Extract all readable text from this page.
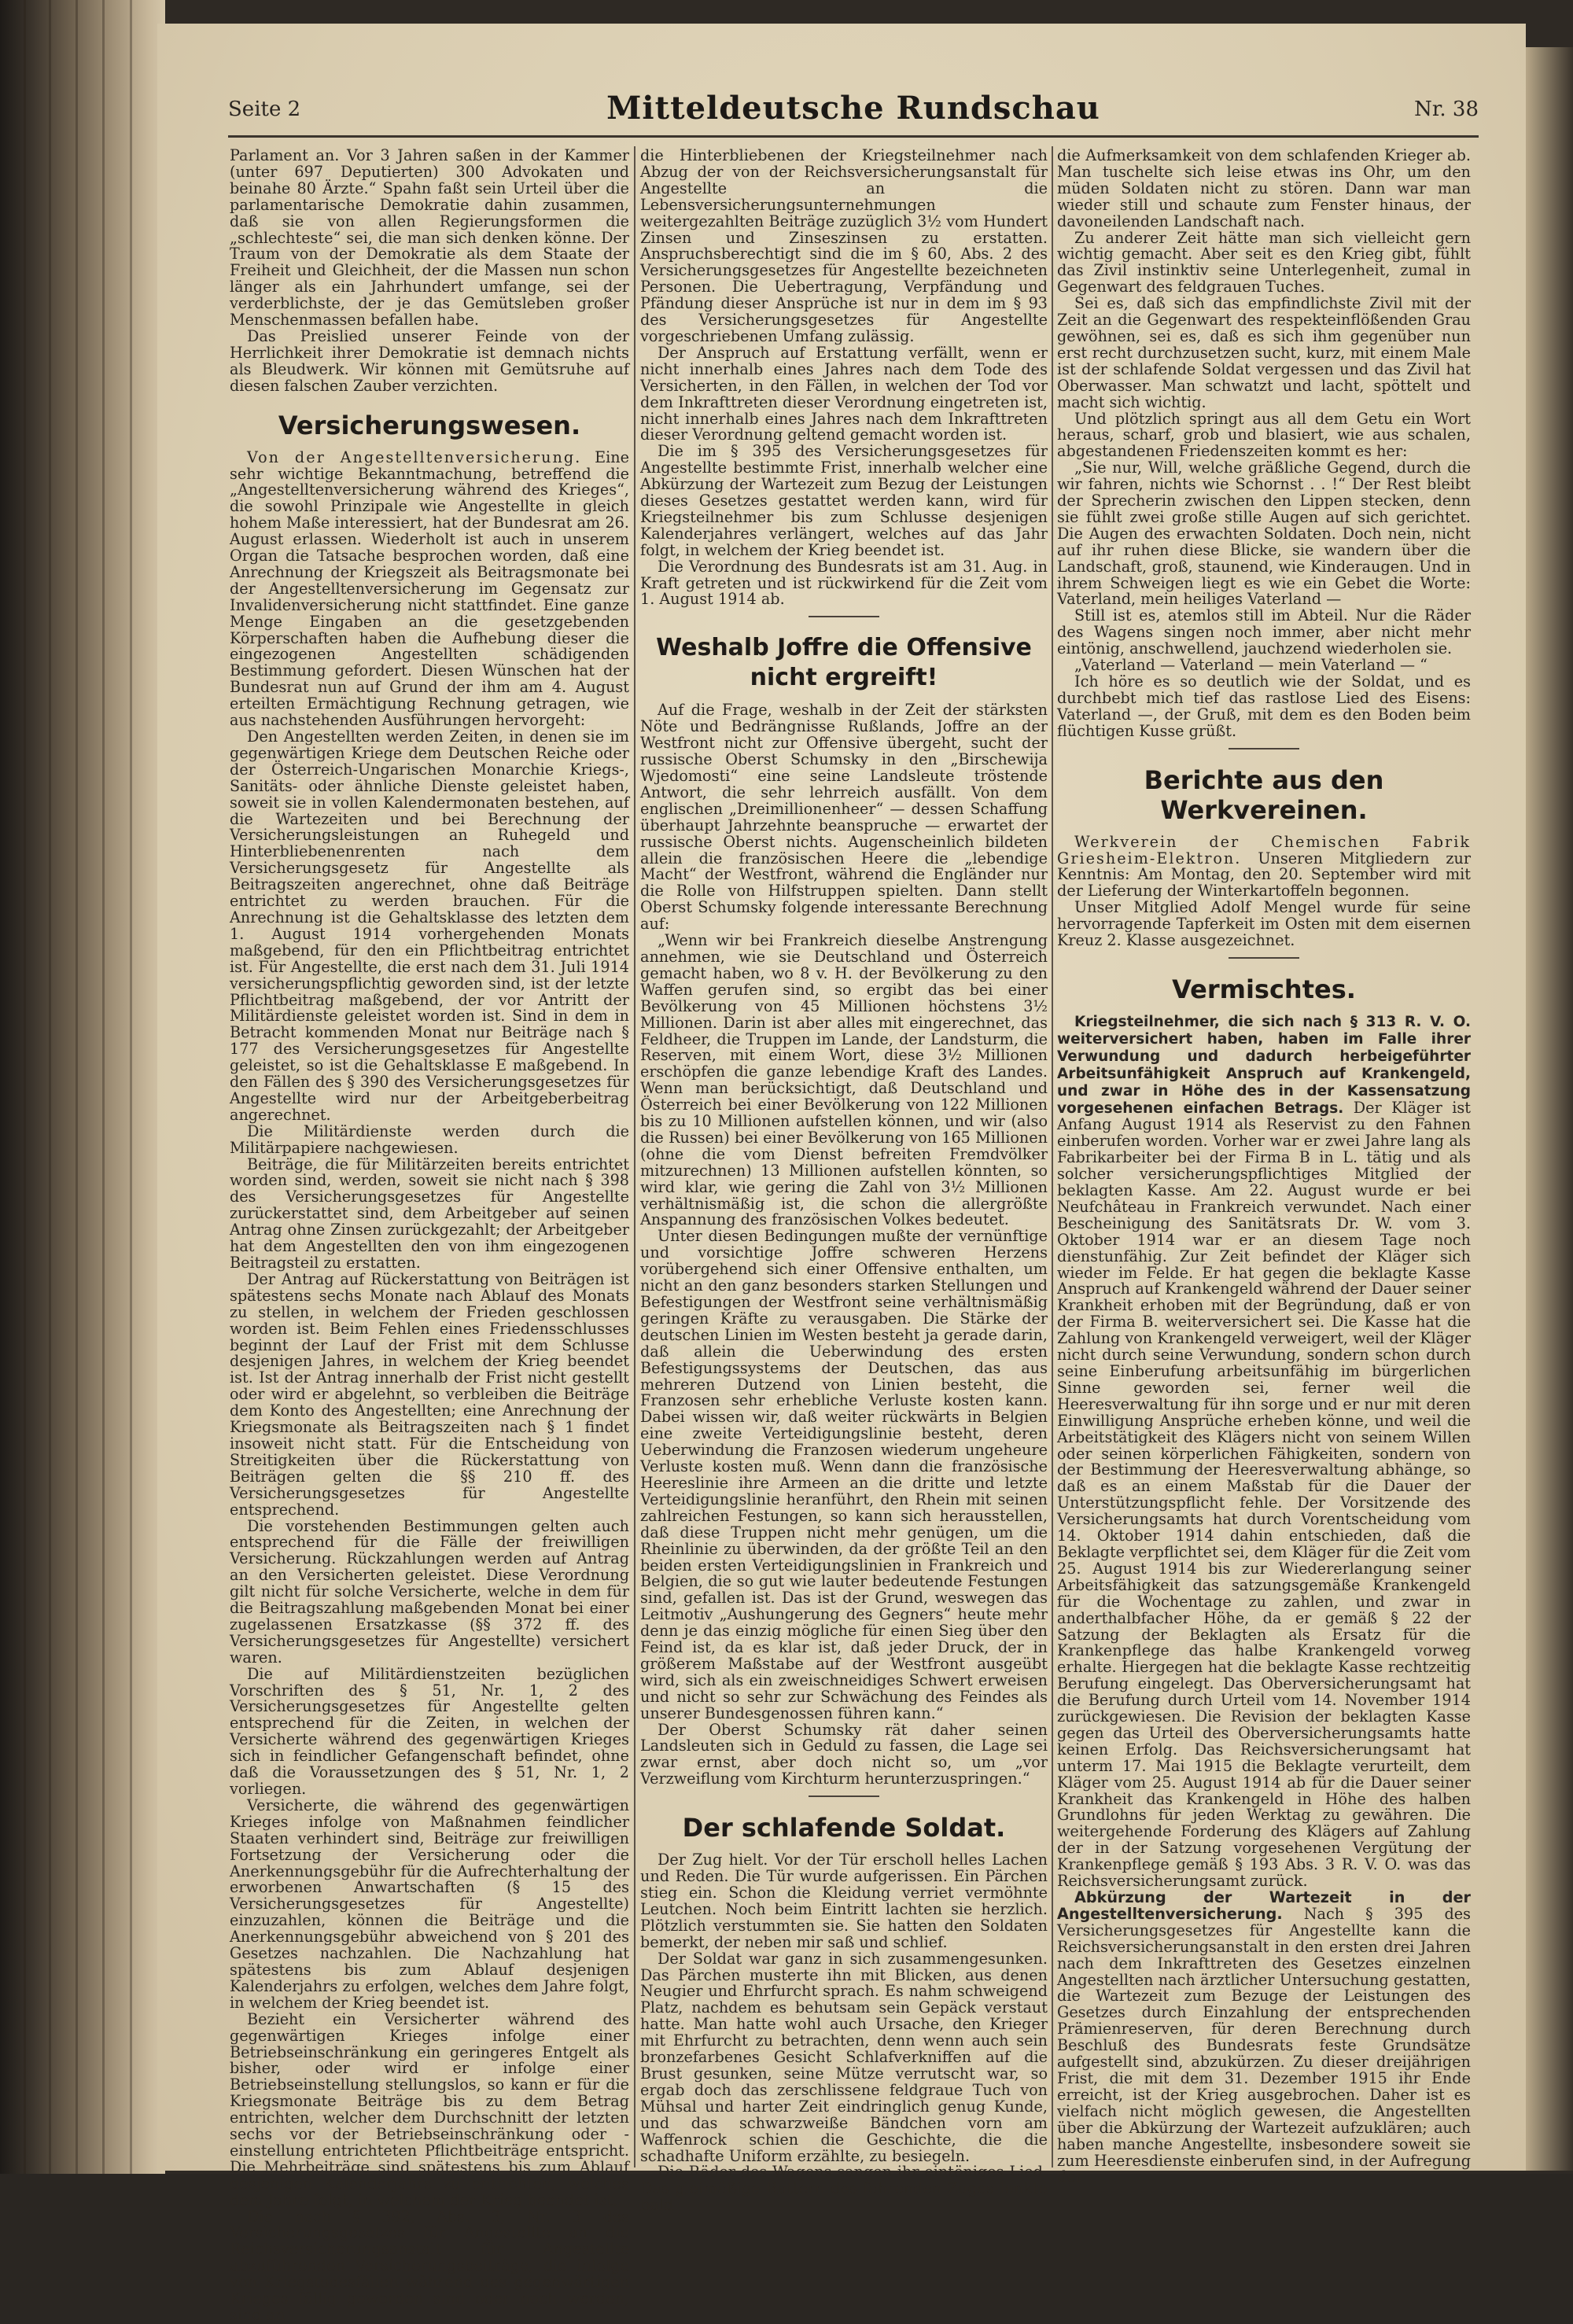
Seite 2	Mitteldeutsche Rundschau	Nr. 38

Parlament an. Vor 3 Jahren saßen in der Kammer (unter 697 Deputierten) 300 Advokaten und beinahe 80 Ärzte.“ Spahn faßt sein Urteil über die parlamentarische Demokratie dahin zusammen, daß sie von allen Regierungsformen die „schlechteste“ sei, die man sich denken könne. Der Traum von der Demokratie als dem Staate der Freiheit und Gleichheit, der die Massen nun schon länger als ein Jahrhundert umfange, sei der verderblichste, der je das Gemütsleben großer Menschenmassen befallen habe.

Das Preislied unserer Feinde von der Herrlichkeit ihrer Demokratie ist demnach nichts als Bleudwerk. Wir können mit Gemütsruhe auf diesen falschen Zauber verzichten.

Versicherungswesen.

Von der Angestelltenversicherung. Eine sehr wichtige Bekanntmachung, betreffend die „Angestelltenversicherung während des Krieges“, die sowohl Prinzipale wie Angestellte in gleich hohem Maße interessiert, hat der Bundesrat am 26. August erlassen. Wiederholt ist auch in unserem Organ die Tatsache besprochen worden, daß eine Anrechnung der Kriegszeit als Beitragsmonate bei der Angestelltenversicherung im Gegensatz zur Invalidenversicherung nicht stattfindet. Eine ganze Menge Eingaben an die gesetzgebenden Körperschaften haben die Aufhebung dieser die eingezogenen Angestellten schädigenden Bestimmung gefordert. Diesen Wünschen hat der Bundesrat nun auf Grund der ihm am 4. August erteilten Ermächtigung Rechnung getragen, wie aus nachstehenden Ausführungen hervorgeht:

Den Angestellten werden Zeiten, in denen sie im gegenwärtigen Kriege dem Deutschen Reiche oder der Österreich-Ungarischen Monarchie Kriegs-, Sanitäts- oder ähnliche Dienste geleistet haben, soweit sie in vollen Kalendermonaten bestehen, auf die Wartezeiten und bei Berechnung der Versicherungsleistungen an Ruhegeld und Hinterbliebenenrenten nach dem Versicherungsgesetz für Angestellte als Beitragszeiten angerechnet, ohne daß Beiträge entrichtet zu werden brauchen. Für die Anrechnung ist die Gehaltsklasse des letzten dem 1. August 1914 vorhergehenden Monats maßgebend, für den ein Pflichtbeitrag entrichtet ist. Für Angestellte, die erst nach dem 31. Juli 1914 versicherungspflichtig geworden sind, ist der letzte Pflichtbeitrag maßgebend, der vor Antritt der Militärdienste geleistet worden ist. Sind in dem in Betracht kommenden Monat nur Beiträge nach § 177 des Versicherungsgesetzes für Angestellte geleistet, so ist die Gehaltsklasse E maßgebend. In den Fällen des § 390 des Versicherungsgesetzes für Angestellte wird nur der Arbeitgeberbeitrag angerechnet.

Die Militärdienste werden durch die Militärpapiere nachgewiesen.

Beiträge, die für Militärzeiten bereits entrichtet worden sind, werden, soweit sie nicht nach § 398 des Versicherungsgesetzes für Angestellte zurückerstattet sind, dem Arbeitgeber auf seinen Antrag ohne Zinsen zurückgezahlt; der Arbeitgeber hat dem Angestellten den von ihm eingezogenen Beitragsteil zu erstatten.

Der Antrag auf Rückerstattung von Beiträgen ist spätestens sechs Monate nach Ablauf des Monats zu stellen, in welchem der Frieden geschlossen worden ist. Beim Fehlen eines Friedensschlusses beginnt der Lauf der Frist mit dem Schlusse desjenigen Jahres, in welchem der Krieg beendet ist. Ist der Antrag innerhalb der Frist nicht gestellt oder wird er abgelehnt, so verbleiben die Beiträge dem Konto des Angestellten; eine Anrechnung der Kriegsmonate als Beitragszeiten nach § 1 findet insoweit nicht statt. Für die Entscheidung von Streitigkeiten über die Rückerstattung von Beiträgen gelten die §§ 210 ff. des Versicherungsgesetzes für Angestellte entsprechend.

Die vorstehenden Bestimmungen gelten auch entsprechend für die Fälle der freiwilligen Versicherung. Rückzahlungen werden auf Antrag an den Versicherten geleistet. Diese Verordnung gilt nicht für solche Versicherte, welche in dem für die Beitragszahlung maßgebenden Monat bei einer zugelassenen Ersatzkasse (§§ 372 ff. des Versicherungsgesetzes für Angestellte) versichert waren.

Die auf Militärdienstzeiten bezüglichen Vorschriften des § 51, Nr. 1, 2 des Versicherungsgesetzes für Angestellte gelten entsprechend für die Zeiten, in welchen der Versicherte während des gegenwärtigen Krieges sich in feindlicher Gefangenschaft befindet, ohne daß die Voraussetzungen des § 51, Nr. 1, 2 vorliegen.

Versicherte, die während des gegenwärtigen Krieges infolge von Maßnahmen feindlicher Staaten verhindert sind, Beiträge zur freiwilligen Fortsetzung der Versicherung oder die Anerkennungsgebühr für die Aufrechterhaltung der erworbenen Anwartschaften (§ 15 des Versicherungsgesetzes für Angestellte) einzuzahlen, können die Beiträge und die Anerkennungsgebühr abweichend von § 201 des Gesetzes nachzahlen. Die Nachzahlung hat spätestens bis zum Ablauf desjenigen Kalenderjahrs zu erfolgen, welches dem Jahre folgt, in welchem der Krieg beendet ist.

Bezieht ein Versicherter während des gegenwärtigen Krieges infolge einer Betriebseinschränkung ein geringeres Entgelt als bisher, oder wird er infolge einer Betriebseinstellung stellungslos, so kann er für die Kriegsmonate Beiträge bis zu dem Betrag entrichten, welcher dem Durchschnitt der letzten sechs vor der Betriebseinschränkung oder -einstellung entrichteten Pflichtbeiträge entspricht. Die Mehrbeiträge sind spätestens bis zum Ablauf desjenigen Kalenderjahrs zu entrichten, welches dem Jahre folgt, in welchem der Krieg beendet ist.

Die nach § 392, Abs. 3, Nr. 3 des Versicherungsgesetzes für Angestellte an die Reichsversicherungsanstalt für Angestellte abzuführenden Versicherungsbeiträge, die infolge von Kriegstodesfällen während des gegenwärtigen Krieges fällig geworden sind oder noch werden, sind an

die Hinterbliebenen der Kriegsteilnehmer nach Abzug der von der Reichsversicherungsanstalt für Angestellte an die Lebensversicherungsunternehmungen weitergezahlten Beiträge zuzüglich 3½ vom Hundert Zinsen und Zinseszinsen zu erstatten. Anspruchsberechtigt sind die im § 60, Abs. 2 des Versicherungsgesetzes für Angestellte bezeichneten Personen. Die Uebertragung, Verpfändung und Pfändung dieser Ansprüche ist nur in dem im § 93 des Versicherungsgesetzes für Angestellte vorgeschriebenen Umfang zulässig.

Der Anspruch auf Erstattung verfällt, wenn er nicht innerhalb eines Jahres nach dem Tode des Versicherten, in den Fällen, in welchen der Tod vor dem Inkrafttreten dieser Verordnung eingetreten ist, nicht innerhalb eines Jahres nach dem Inkrafttreten dieser Verordnung geltend gemacht worden ist.

Die im § 395 des Versicherungsgesetzes für Angestellte bestimmte Frist, innerhalb welcher eine Abkürzung der Wartezeit zum Bezug der Leistungen dieses Gesetzes gestattet werden kann, wird für Kriegsteilnehmer bis zum Schlusse desjenigen Kalenderjahres verlängert, welches auf das Jahr folgt, in welchem der Krieg beendet ist.

Die Verordnung des Bundesrats ist am 31. Aug. in Kraft getreten und ist rückwirkend für die Zeit vom 1. August 1914 ab.

Weshalb Joffre die Offensive nicht ergreift!

Auf die Frage, weshalb in der Zeit der stärksten Nöte und Bedrängnisse Rußlands, Joffre an der Westfront nicht zur Offensive übergeht, sucht der russische Oberst Schumsky in den „Birschewija Wjedomosti“ eine seine Landsleute tröstende Antwort, die sehr lehrreich ausfällt. Von dem englischen „Dreimillionenheer“ — dessen Schaffung überhaupt Jahrzehnte beanspruche — erwartet der russische Oberst nichts. Augenscheinlich bildeten allein die französischen Heere die „lebendige Macht“ der Westfront, während die Engländer nur die Rolle von Hilfstruppen spielten. Dann stellt Oberst Schumsky folgende interessante Berechnung auf:

„Wenn wir bei Frankreich dieselbe Anstrengung annehmen, wie sie Deutschland und Österreich gemacht haben, wo 8 v. H. der Bevölkerung zu den Waffen gerufen sind, so ergibt das bei einer Bevölkerung von 45 Millionen höchstens 3½ Millionen. Darin ist aber alles mit eingerechnet, das Feldheer, die Truppen im Lande, der Landsturm, die Reserven, mit einem Wort, diese 3½ Millionen erschöpfen die ganze lebendige Kraft des Landes. Wenn man berücksichtigt, daß Deutschland und Österreich bei einer Bevölkerung von 122 Millionen bis zu 10 Millionen aufstellen können, und wir (also die Russen) bei einer Bevölkerung von 165 Millionen (ohne die vom Dienst befreiten Fremdvölker mitzurechnen) 13 Millionen aufstellen könnten, so wird klar, wie gering die Zahl von 3½ Millionen verhältnismäßig ist, die schon die allergrößte Anspannung des französischen Volkes bedeutet.

Unter diesen Bedingungen mußte der vernünftige und vorsichtige Joffre schweren Herzens vorübergehend sich einer Offensive enthalten, um nicht an den ganz besonders starken Stellungen und Befestigungen der Westfront seine verhältnismäßig geringen Kräfte zu verausgaben. Die Stärke der deutschen Linien im Westen besteht ja gerade darin, daß allein die Ueberwindung des ersten Befestigungssystems der Deutschen, das aus mehreren Dutzend von Linien besteht, die Franzosen sehr erhebliche Verluste kosten kann. Dabei wissen wir, daß weiter rückwärts in Belgien eine zweite Verteidigungslinie besteht, deren Ueberwindung die Franzosen wiederum ungeheure Verluste kosten muß. Wenn dann die französische Heereslinie ihre Armeen an die dritte und letzte Verteidigungslinie heranführt, den Rhein mit seinen zahlreichen Festungen, so kann sich herausstellen, daß diese Truppen nicht mehr genügen, um die Rheinlinie zu überwinden, da der größte Teil an den beiden ersten Verteidigungslinien in Frankreich und Belgien, die so gut wie lauter bedeutende Festungen sind, gefallen ist. Das ist der Grund, weswegen das Leitmotiv „Aushungerung des Gegners“ heute mehr denn je das einzig mögliche für einen Sieg über den Feind ist, da es klar ist, daß jeder Druck, der in größerem Maßstabe auf der Westfront ausgeübt wird, sich als ein zweischneidiges Schwert erweisen und nicht so sehr zur Schwächung des Feindes als unserer Bundesgenossen führen kann.“

Der Oberst Schumsky rät daher seinen Landsleuten sich in Geduld zu fassen, die Lage sei zwar ernst, aber doch nicht so, um „vor Verzweiflung vom Kirchturm herunterzuspringen.“

Der schlafende Soldat.

Der Zug hielt. Vor der Tür erscholl helles Lachen und Reden. Die Tür wurde aufgerissen. Ein Pärchen stieg ein. Schon die Kleidung verriet vermöhnte Leutchen. Noch beim Eintritt lachten sie herzlich. Plötzlich verstummten sie. Sie hatten den Soldaten bemerkt, der neben mir saß und schlief.

Der Soldat war ganz in sich zusammengesunken. Das Pärchen musterte ihn mit Blicken, aus denen Neugier und Ehrfurcht sprach. Es nahm schweigend Platz, nachdem es behutsam sein Gepäck verstaut hatte. Man hatte wohl auch Ursache, den Krieger mit Ehrfurcht zu betrachten, denn wenn auch sein bronzefarbenes Gesicht Schlafverkniffen auf die Brust gesunken, seine Mütze verrutscht war, so ergab doch das zerschlissene feldgraue Tuch von Mühsal und harter Zeit eindringlich genug Kunde, und das schwarzweiße Bändchen vorn am Waffenrock schien die Geschichte, die die schadhafte Uniform erzählte, zu besiegeln.

Die Räder des Wagens sangen ihr eintöniges Lied. Das gleimäßige Rattern des fahrenden Zuges lenkte bald

die Aufmerksamkeit von dem schlafenden Krieger ab. Man tuschelte sich leise etwas ins Ohr, um den müden Soldaten nicht zu stören. Dann war man wieder still und schaute zum Fenster hinaus, der davoneilenden Landschaft nach.

Zu anderer Zeit hätte man sich vielleicht gern wichtig gemacht. Aber seit es den Krieg gibt, fühlt das Zivil instinktiv seine Unterlegenheit, zumal in Gegenwart des feldgrauen Tuches.

Sei es, daß sich das empfindlichste Zivil mit der Zeit an die Gegenwart des respekteinflößenden Grau gewöhnen, sei es, daß es sich ihm gegenüber nun erst recht durchzusetzen sucht, kurz, mit einem Male ist der schlafende Soldat vergessen und das Zivil hat Oberwasser. Man schwatzt und lacht, spöttelt und macht sich wichtig.

Und plötzlich springt aus all dem Getu ein Wort heraus, scharf, grob und blasiert, wie aus schalen, abgestandenen Friedenszeiten kommt es her:

„Sie nur, Will, welche gräßliche Gegend, durch die wir fahren, nichts wie Schornst . . !“ Der Rest bleibt der Sprecherin zwischen den Lippen stecken, denn sie fühlt zwei große stille Augen auf sich gerichtet. Die Augen des erwachten Soldaten. Doch nein, nicht auf ihr ruhen diese Blicke, sie wandern über die Landschaft, groß, staunend, wie Kinderaugen. Und in ihrem Schweigen liegt es wie ein Gebet die Worte: Vaterland, mein heiliges Vaterland —

Still ist es, atemlos still im Abteil. Nur die Räder des Wagens singen noch immer, aber nicht mehr eintönig, anschwellend, jauchzend wiederholen sie.

„Vaterland — Vaterland — mein Vaterland — “

Ich höre es so deutlich wie der Soldat, und es durchbebt mich tief das rastlose Lied des Eisens: Vaterland —, der Gruß, mit dem es den Boden beim flüchtigen Kusse grüßt.

Berichte aus den Werkvereinen.

Werkverein der Chemischen Fabrik Griesheim-Elektron. Unseren Mitgliedern zur Kenntnis: Am Montag, den 20. September wird mit der Lieferung der Winterkartoffeln begonnen.

Unser Mitglied Adolf Mengel wurde für seine hervorragende Tapferkeit im Osten mit dem eisernen Kreuz 2. Klasse ausgezeichnet.

Vermischtes.

Kriegsteilnehmer, die sich nach § 313 R. V. O. weiterversichert haben, haben im Falle ihrer Verwundung und dadurch herbeigeführter Arbeitsunfähigkeit Anspruch auf Krankengeld, und zwar in Höhe des in der Kassensatzung vorgesehenen einfachen Betrags. Der Kläger ist Anfang August 1914 als Reservist zu den Fahnen einberufen worden. Vorher war er zwei Jahre lang als Fabrikarbeiter bei der Firma B in L. tätig und als solcher versicherungspflichtiges Mitglied der beklagten Kasse. Am 22. August wurde er bei Neufchâteau in Frankreich verwundet. Nach einer Bescheinigung des Sanitätsrats Dr. W. vom 3. Oktober 1914 war er an diesem Tage noch dienstunfähig. Zur Zeit befindet der Kläger sich wieder im Felde. Er hat gegen die beklagte Kasse Anspruch auf Krankengeld während der Dauer seiner Krankheit erhoben mit der Begründung, daß er von der Firma B. weiterversichert sei. Die Kasse hat die Zahlung von Krankengeld verweigert, weil der Kläger nicht durch seine Verwundung, sondern schon durch seine Einberufung arbeitsunfähig im bürgerlichen Sinne geworden sei, ferner weil die Heeresverwaltung für ihn sorge und er nur mit deren Einwilligung Ansprüche erheben könne, und weil die Arbeitstätigkeit des Klägers nicht von seinem Willen oder seinen körperlichen Fähigkeiten, sondern von der Bestimmung der Heeresverwaltung abhänge, so daß es an einem Maßstab für die Dauer der Unterstützungspflicht fehle. Der Vorsitzende des Versicherungsamts hat durch Vorentscheidung vom 14. Oktober 1914 dahin entschieden, daß die Beklagte verpflichtet sei, dem Kläger für die Zeit vom 25. August 1914 bis zur Wiedererlangung seiner Arbeitsfähigkeit das satzungsgemäße Krankengeld für die Wochentage zu zahlen, und zwar in anderthalbfacher Höhe, da er gemäß § 22 der Satzung der Beklagten als Ersatz für die Krankenpflege das halbe Krankengeld vorweg erhalte. Hiergegen hat die beklagte Kasse rechtzeitig Berufung eingelegt. Das Oberversicherungsamt hat die Berufung durch Urteil vom 14. November 1914 zurückgewiesen. Die Revision der beklagten Kasse gegen das Urteil des Oberversicherungsamts hatte keinen Erfolg. Das Reichsversicherungsamt hat unterm 17. Mai 1915 die Beklagte verurteilt, dem Kläger vom 25. August 1914 ab für die Dauer seiner Krankheit das Krankengeld in Höhe des halben Grundlohns für jeden Werktag zu gewähren. Die weitergehende Forderung des Klägers auf Zahlung der in der Satzung vorgesehenen Vergütung der Krankenpflege gemäß § 193 Abs. 3 R. V. O. was das Reichsversicherungsamt zurück.

Abkürzung der Wartezeit in der Angestelltenversicherung. Nach § 395 des Versicherungsgesetzes für Angestellte kann die Reichsversicherungsanstalt in den ersten drei Jahren nach dem Inkrafttreten des Gesetzes einzelnen Angestellten nach ärztlicher Untersuchung gestatten, die Wartezeit zum Bezuge der Leistungen des Gesetzes durch Einzahlung der entsprechenden Prämienreserven, für deren Berechnung durch Beschluß des Bundesrats feste Grundsätze aufgestellt sind, abzukürzen. Zu dieser dreijährigen Frist, die mit dem 31. Dezember 1915 ihr Ende erreicht, ist der Krieg ausgebrochen. Daher ist es vielfach nicht möglich gewesen, die Angestellten über die Abkürzung der Wartezeit aufzuklären; auch haben manche Angestellte, insbesondere soweit sie zum Heeresdienste einberufen sind, in der Aufregung der
